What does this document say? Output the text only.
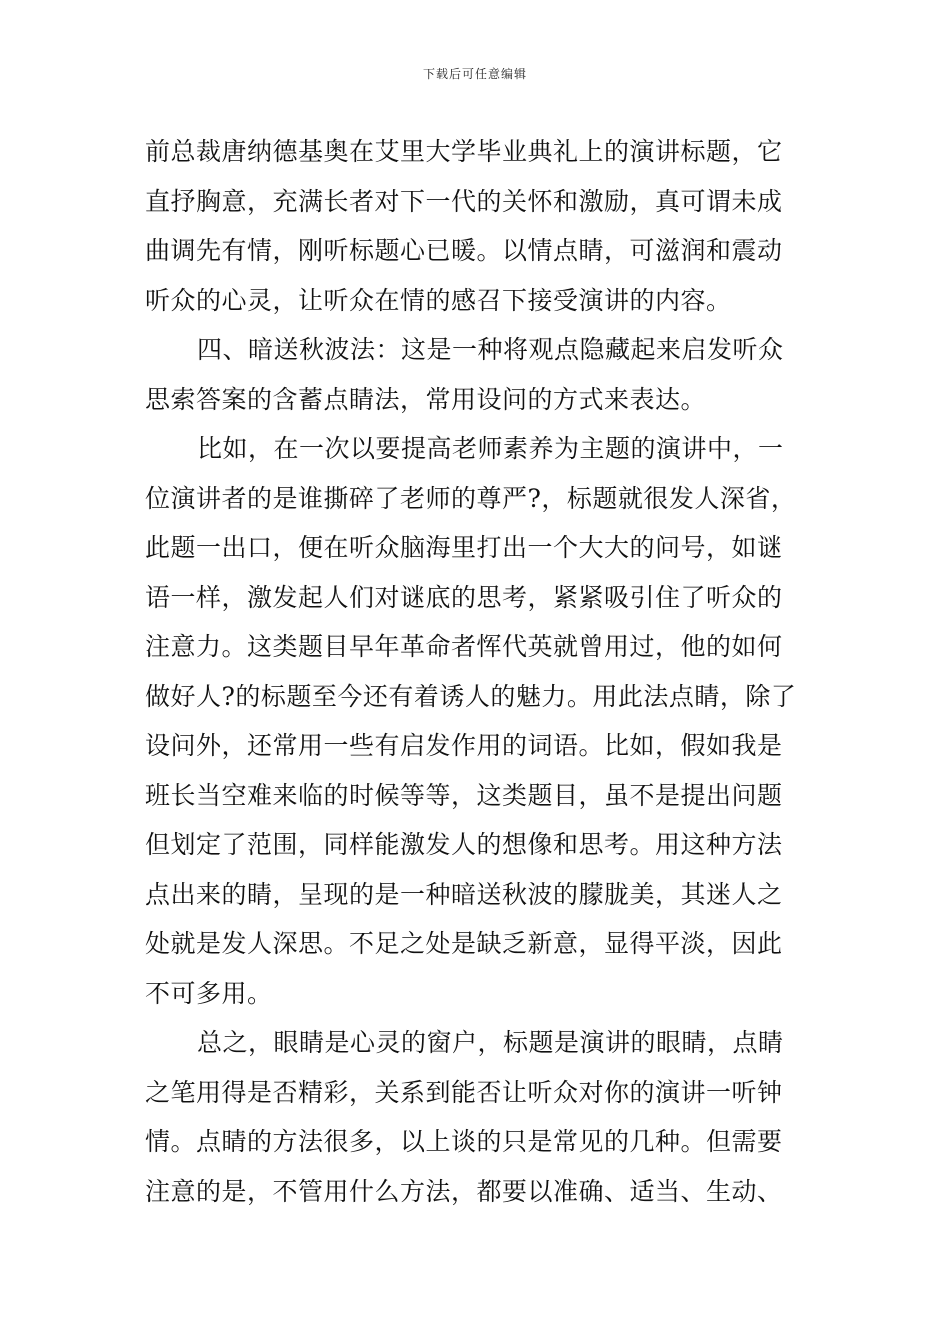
下载后可任意编辑
前总裁唐纳德基奥在艾里大学毕业典礼上的演讲标题，它
直抒胸意，充满长者对下一代的关怀和激励，真可谓未成
曲调先有情，刚听标题心已暖。以情点睛，可滋润和震动
听众的心灵，让听众在情的感召下接受演讲的内容。
四、暗送秋波法：这是一种将观点隐藏起来启发听众
思索答案的含蓄点睛法，常用设问的方式来表达。
比如，在一次以要提高老师素养为主题的演讲中，一
位演讲者的是谁撕碎了老师的尊严?，标题就很发人深省，
此题一出口，便在听众脑海里打出一个大大的问号，如谜
语一样，激发起人们对谜底的思考，紧紧吸引住了听众的
注意力。这类题目早年革命者恽代英就曾用过，他的如何
做好人?的标题至今还有着诱人的魅力。用此法点睛，除了
设问外，还常用一些有启发作用的词语。比如，假如我是
班长当空难来临的时候等等，这类题目，虽不是提出问题
但划定了范围，同样能激发人的想像和思考。用这种方法
点出来的睛，呈现的是一种暗送秋波的朦胧美，其迷人之
处就是发人深思。不足之处是缺乏新意，显得平淡，因此
不可多用。
总之，眼睛是心灵的窗户，标题是演讲的眼睛，点睛
之笔用得是否精彩，关系到能否让听众对你的演讲一听钟
情。点睛的方法很多，以上谈的只是常见的几种。但需要
注意的是，不管用什么方法，都要以准确、适当、生动、
